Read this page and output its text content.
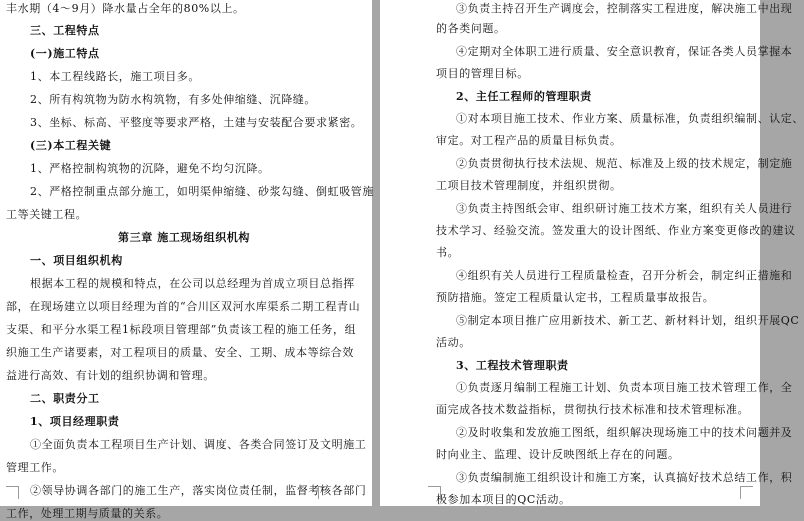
丰水期（4～9月）降水量占全年的80%以上。
三、工程特点
(一)施工特点
1、本工程线路长，施工项目多。
2、所有构筑物为防水构筑物，有多处伸缩缝、沉降缝。
3、坐标、标高、平整度等要求严格，土建与安装配合要求紧密。
(三)本工程关键
1、严格控制构筑物的沉降，避免不均匀沉降。
2、严格控制重点部分施工，如明渠伸缩缝、砂浆勾缝、倒虹吸管施
工等关键工程。
第三章 施工现场组织机构
一、项目组织机构
根据本工程的规模和特点，在公司以总经理为首成立项目总指挥
部，在现场建立以项目经理为首的“合川区双河水库渠系二期工程青山
支渠、和平分水渠工程1标段项目管理部”负责该工程的施工任务，组
织施工生产诸要素，对工程项目的质量、安全、工期、成本等综合效
益进行高效、有计划的组织协调和管理。
二、职责分工
1、项目经理职责
①全面负责本工程项目生产计划、调度、各类合同签订及文明施工
管理工作。
②领导协调各部门的施工生产，落实岗位责任制，监督考核各部门
工作，处理工期与质量的关系。
③负责主持召开生产调度会，控制落实工程进度，解决施工中出现
的各类问题。
④定期对全体职工进行质量、安全意识教育，保证各类人员掌握本
项目的管理目标。
2、主任工程师的管理职责
①对本项目施工技术、作业方案、质量标准，负责组织编制、认定、
审定。对工程产品的质量目标负责。
②负责贯彻执行技术法规、规范、标准及上级的技术规定，制定施
工项目技术管理制度，并组织贯彻。
③负责主持图纸会审、组织研讨施工技术方案，组织有关人员进行
技术学习、经验交流。签发重大的设计图纸、作业方案变更修改的建议
书。
④组织有关人员进行工程质量检查，召开分析会，制定纠正措施和
预防措施。签定工程质量认定书，工程质量事故报告。
⑤制定本项目推广应用新技术、新工艺、新材料计划，组织开展QC
活动。
3、工程技术管理职责
①负责逐月编制工程施工计划、负责本项目施工技术管理工作，全
面完成各技术数益指标，贯彻执行技术标准和技术管理标准。
②及时收集和发放施工图纸，组织解决现场施工中的技术问题并及
时向业主、监理、设计反映图纸上存在的问题。
③负责编制施工组织设计和施工方案，认真搞好技术总结工作，积
极参加本项目的QC活动。
